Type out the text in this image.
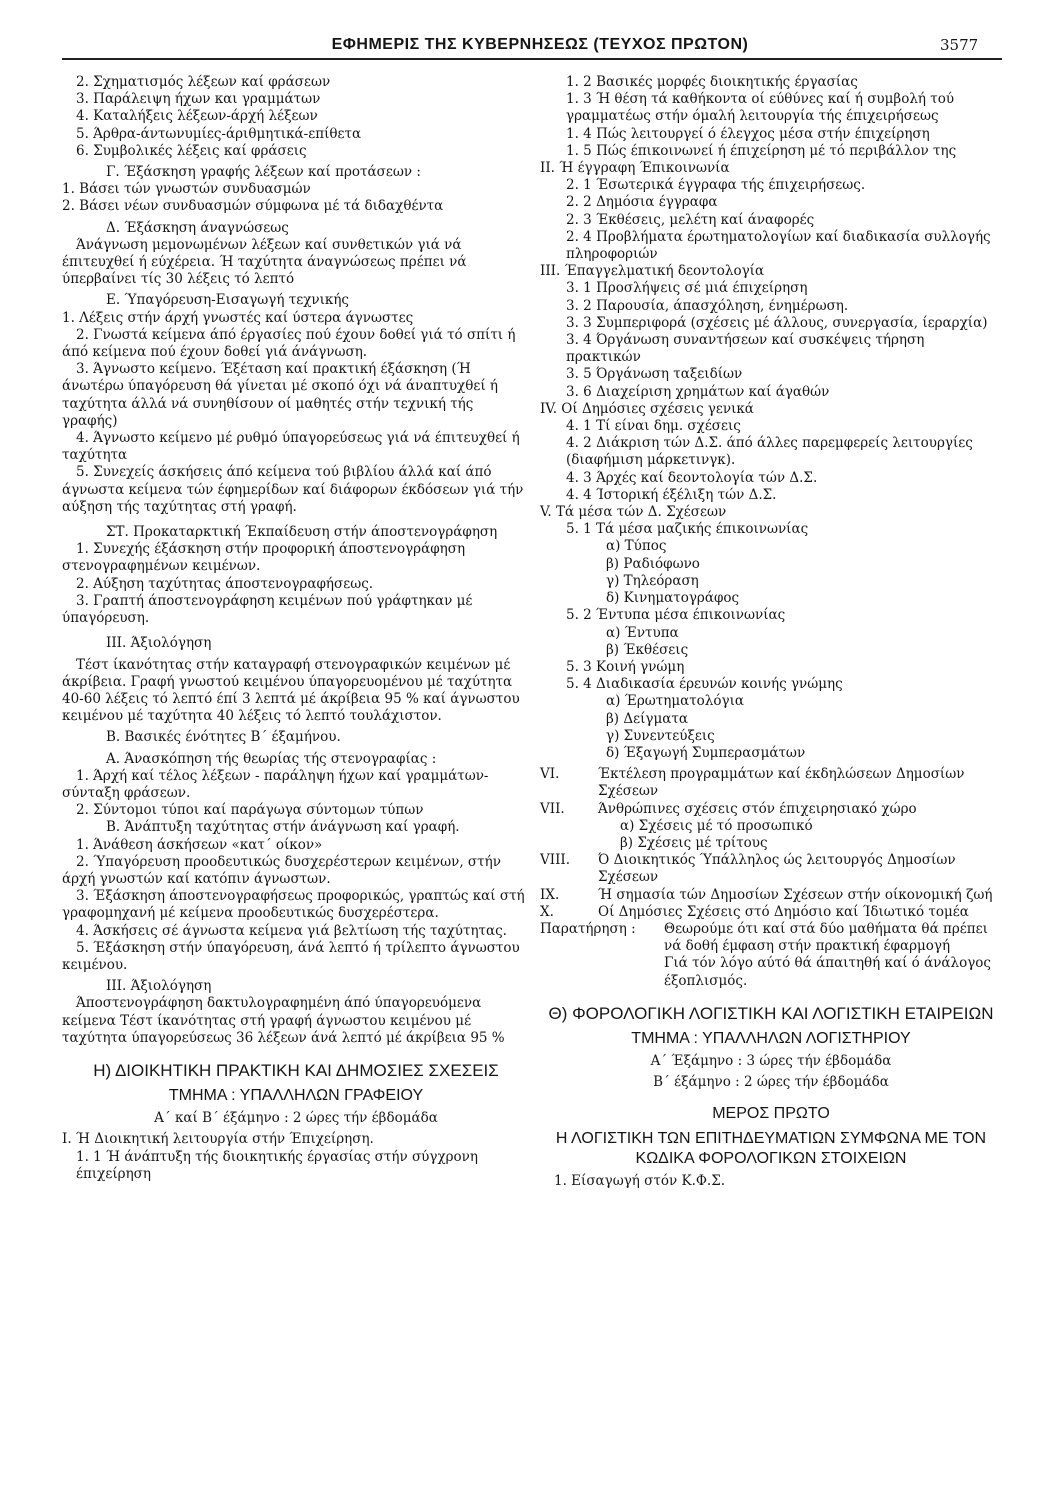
ΕΦΗΜΕΡΙΣ ΤΗΣ ΚΥΒΕΡΝΗΣΕΩΣ (ΤΕΥΧΟΣ ΠΡΩΤΟΝ)	3577

2. Σχηματισμός λέξεων καί φράσεων

3. Παράλειψη ήχων και γραμμάτων

4. Καταλήξεις λέξεων-άρχή λέξεων

5. Άρθρα-άντωνυμίες-άριθμητικά-επίθετα

6. Συμβολικές λέξεις καί φράσεις

Γ. Έξάσκηση γραφής λέξεων καί προτάσεων :

1. Βάσει τών γνωστών συνδυασμών

2. Βάσει νέων συνδυασμών σύμφωνα μέ τά διδαχθέντα

Δ. Έξάσκηση άναγνώσεως

Άνάγνωση μεμονωμένων λέξεων καί συνθετικών γιά νά έπιτευχθεί ή εύχέρεια. Ή ταχύτητα άναγνώσεως πρέπει νά ύπερβαίνει τίς 30 λέξεις τό λεπτό

Ε. Ύπαγόρευση-Εισαγωγή τεχνικής

1. Λέξεις στήν άρχή γνωστές καί ύστερα άγνωστες

2. Γνωστά κείμενα άπό έργασίες πού έχουν δοθεί γιά τό σπίτι ή άπό κείμενα πού έχουν δοθεί γιά άνάγνωση.

3. Άγνωστο κείμενο. Έξέταση καί πρακτική έξάσκηση (Ή άνωτέρω ύπαγόρευση θά γίνεται μέ σκοπό όχι νά άναπτυχθεί ή ταχύτητα άλλά νά συνηθίσουν οί μαθητές στήν τεχνική τής γραφής)

4. Άγνωστο κείμενο μέ ρυθμό ύπαγορεύσεως γιά νά έπιτευχθεί ή ταχύτητα

5. Συνεχείς άσκήσεις άπό κείμενα τού βιβλίου άλλά καί άπό άγνωστα κείμενα τών έφημερίδων καί διάφορων έκδόσεων γιά τήν αύξηση τής ταχύτητας στή γραφή.

ΣΤ. Προκαταρκτική Έκπαίδευση στήν άποστενογράφηση

1. Συνεχής έξάσκηση στήν προφορική άποστενογράφηση στενογραφημένων κειμένων.

2. Αύξηση ταχύτητας άποστενογραφήσεως.

3. Γραπτή άποστενογράφηση κειμένων πού γράφτηκαν μέ ύπαγόρευση.

ΙΙΙ. Άξιολόγηση

Τέστ ίκανότητας στήν καταγραφή στενογραφικών κειμένων μέ άκρίβεια. Γραφή γνωστού κειμένου ύπαγορευομένου μέ ταχύτητα 40-60 λέξεις τό λεπτό έπί 3 λεπτά μέ άκρίβεια 95 % καί άγνωστου κειμένου μέ ταχύτητα 40 λέξεις τό λεπτό τουλάχιστον.

Β. Βασικές ένότητες Β΄ έξαμήνου.

Α. Άνασκόπηση τής θεωρίας τής στενογραφίας :

1. Άρχή καί τέλος λέξεων - παράληψη ήχων καί γραμμάτων-σύνταξη φράσεων.

2. Σύντομοι τύποι καί παράγωγα σύντομων τύπων

Β. Άνάπτυξη ταχύτητας στήν άνάγνωση καί γραφή.

1. Άνάθεση άσκήσεων «κατ΄ οίκον»

2. Ύπαγόρευση προοδευτικώς δυσχερέστερων κειμένων, στήν άρχή γνωστών καί κατόπιν άγνωστων.

3. Έξάσκηση άποστενογραφήσεως προφορικώς, γραπτώς καί στή γραφομηχανή μέ κείμενα προοδευτικώς δυσχερέστερα.

4. Άσκήσεις σέ άγνωστα κείμενα γιά βελτίωση τής ταχύτητας.

5. Έξάσκηση στήν ύπαγόρευση, άνά λεπτό ή τρίλεπτο άγνωστου κειμένου.

ΙΙΙ. Άξιολόγηση

Άποστενογράφηση δακτυλογραφημένη άπό ύπαγορευόμενα κείμενα Τέστ ίκανότητας στή γραφή άγνωστου κειμένου μέ ταχύτητα ύπαγορεύσεως 36 λέξεων άνά λεπτό μέ άκρίβεια 95 %

Η) ΔΙΟΙΚΗΤΙΚΗ ΠΡΑΚΤΙΚΗ ΚΑΙ ΔΗΜΟΣΙΕΣ ΣΧΕΣΕΙΣ
ΤΜΗΜΑ : ΥΠΑΛΛΗΛΩΝ ΓΡΑΦΕΙΟΥ

Α΄ καί Β΄ έξάμηνο : 2 ώρες τήν έβδομάδα

Ι. Ή Διοικητική λειτουργία στήν Έπιχείρηση.

1. 1 Ή άνάπτυξη τής διοικητικής έργασίας στήν σύγχρονη έπιχείρηση

1. 2 Βασικές μορφές διοικητικής έργασίας

1. 3 Ή θέση τά καθήκοντα οί εύθύνες καί ή συμβολή τού γραμματέως στήν όμαλή λειτουργία τής έπιχειρήσεως

1. 4 Πώς λειτουργεί ό έλεγχος μέσα στήν έπιχείρηση

1. 5 Πώς έπικοινωνεί ή έπιχείρηση μέ τό περιβάλλον της

ΙΙ. Ή έγγραφη Έπικοινωνία

2. 1 Έσωτερικά έγγραφα τής έπιχειρήσεως.

2. 2 Δημόσια έγγραφα

2. 3 Έκθέσεις, μελέτη καί άναφορές

2. 4 Προβλήματα έρωτηματολογίων καί διαδικασία συλλογής πληροφοριών

ΙΙΙ. Έπαγγελματική δεοντολογία

3. 1 Προσλήψεις σέ μιά έπιχείρηση

3. 2 Παρουσία, άπασχόληση, ένημέρωση.

3. 3 Συμπεριφορά (σχέσεις μέ άλλους, συνεργασία, ίεραρχία)

3. 4 Όργάνωση συναντήσεων καί συσκέψεις τήρηση πρακτικών

3. 5 Όργάνωση ταξειδίων

3. 6 Διαχείριση χρημάτων καί άγαθών

ΙV. Οί Δημόσιες σχέσεις γενικά

4. 1 Τί είναι δημ. σχέσεις

4. 2 Διάκριση τών Δ.Σ. άπό άλλες παρεμφερείς λειτουργίες (διαφήμιση μάρκετινγκ).

4. 3 Άρχές καί δεοντολογία τών Δ.Σ.

4. 4 Ίστορική έξέλιξη τών Δ.Σ.

V. Τά μέσα τών Δ. Σχέσεων

5. 1 Τά μέσα μαζικής έπικοινωνίας

α) Τύπος

β) Ραδιόφωνο

γ) Τηλεόραση

δ) Κινηματογράφος

5. 2 Έντυπα μέσα έπικοινωνίας

α) Έντυπα

β) Έκθέσεις

5. 3 Κοινή γνώμη

5. 4 Διαδικασία έρευνών κοινής γνώμης

α) Έρωτηματολόγια

β) Δείγματα

γ) Συνεντεύξεις

δ) Έξαγωγή Συμπερασμάτων

VΙ.	Έκτέλεση προγραμμάτων καί έκδηλώσεων Δημοσίων Σχέσεων

VΙΙ.	Άνθρώπινες σχέσεις στόν έπιχειρησιακό χώρο

α) Σχέσεις μέ τό προσωπικό

β) Σχέσεις μέ τρίτους

VΙΙΙ.	Ό Διοικητικός Ύπάλληλος ώς λειτουργός Δημοσίων Σχέσεων

ΙΧ.	Ή σημασία τών Δημοσίων Σχέσεων στήν οίκονομική ζωή

Χ.	Οί Δημόσιες Σχέσεις στό Δημόσιο καί Ίδιωτικό τομέα

Παρατήρηση :	Θεωρούμε ότι καί στά δύο μαθήματα θά πρέπει νά δοθή έμφαση στήν πρακτική έφαρμογή
Γιά τόν λόγο αύτό θά άπαιτηθή καί ό άνάλογος έξοπλισμός.
Θ) ΦΟΡΟΛΟΓΙΚΗ ΛΟΓΙΣΤΙΚΗ ΚΑΙ ΛΟΓΙΣΤΙΚΗ ΕΤΑΙΡΕΙΩΝ
ΤΜΗΜΑ : ΥΠΑΛΛΗΛΩΝ ΛΟΓΙΣΤΗΡΙΟΥ

Α΄ Έξάμηνο : 3 ώρες τήν έβδομάδα

Β΄ έξάμηνο : 2 ώρες τήν έβδομάδα

ΜΕΡΟΣ ΠΡΩΤΟ
Η ΛΟΓΙΣΤΙΚΗ ΤΩΝ ΕΠΙΤΗΔΕΥΜΑΤΙΩΝ ΣΥΜΦΩΝΑ ΜΕ ΤΟΝ ΚΩΔΙΚΑ ΦΟΡΟΛΟΓΙΚΩΝ ΣΤΟΙΧΕΙΩΝ

1. Είσαγωγή στόν Κ.Φ.Σ.
